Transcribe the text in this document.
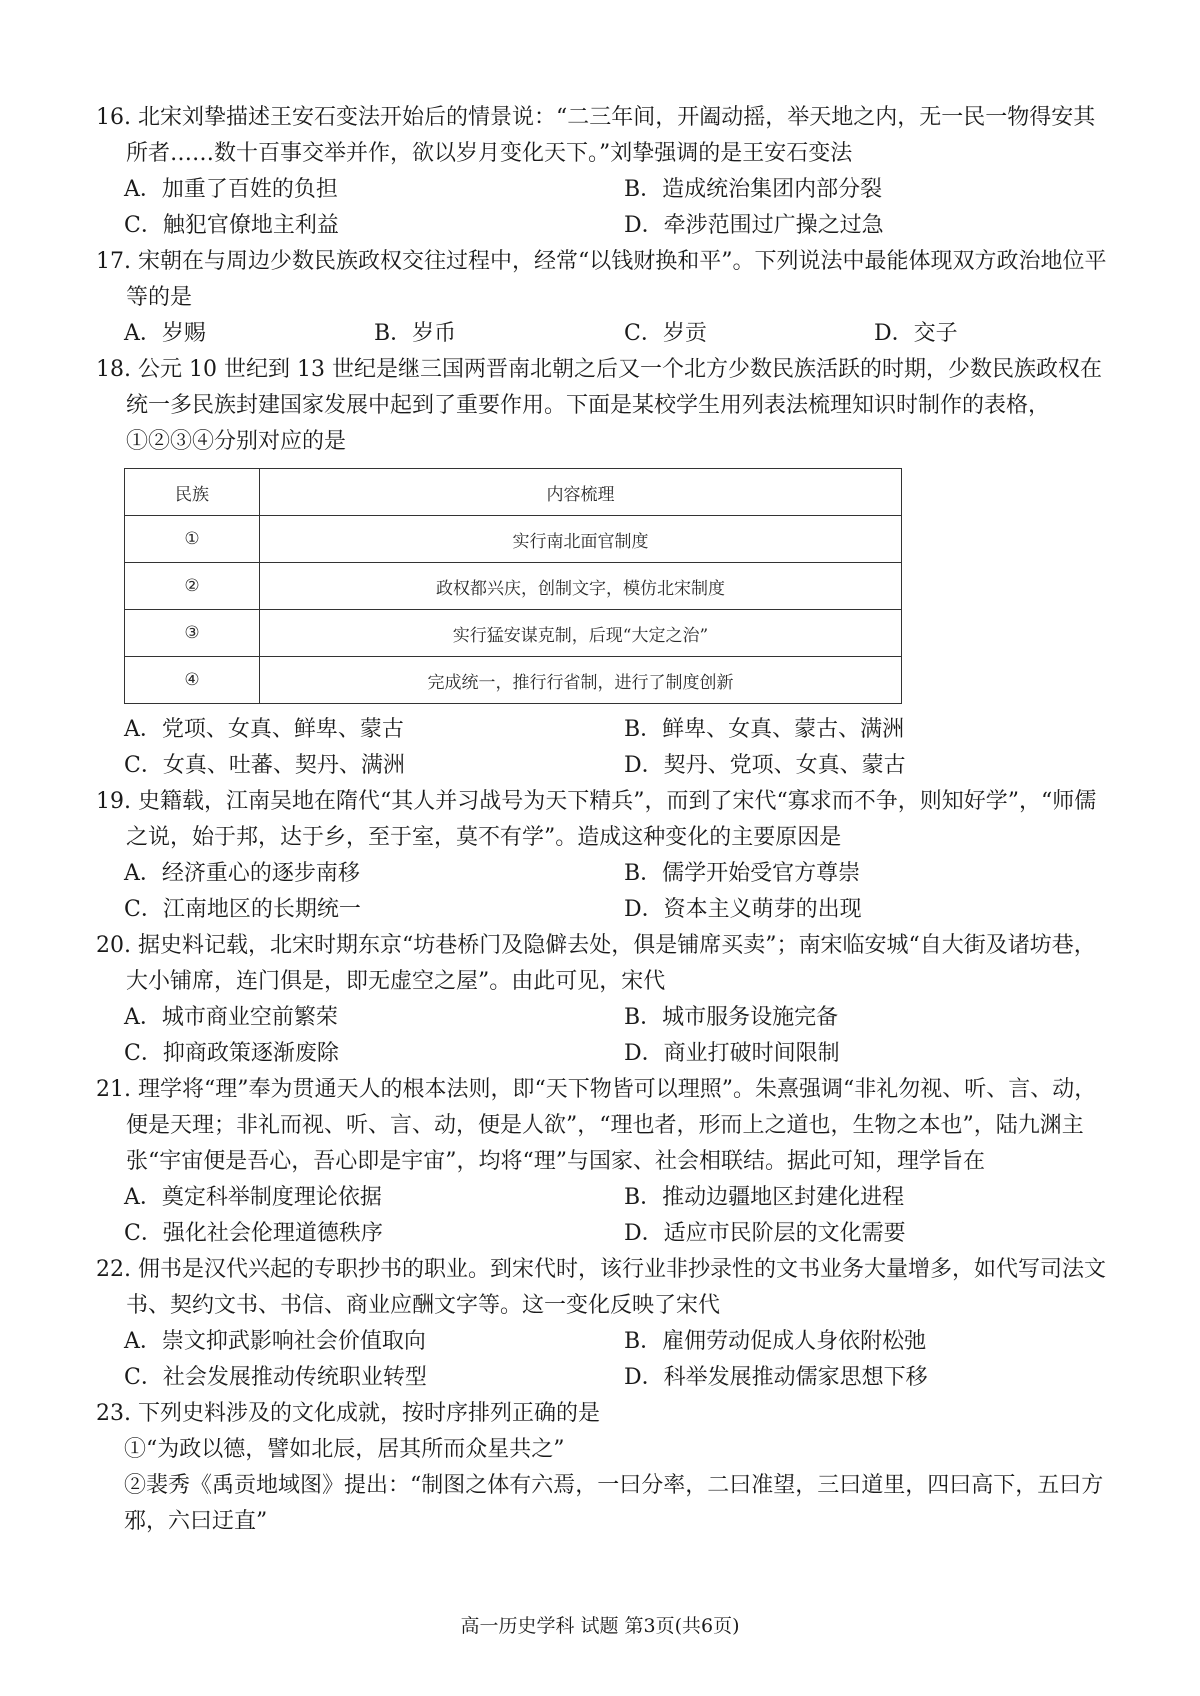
16. 北宋刘挚描述王安石变法开始后的情景说：“二三年间，开阖动摇，举天地之内，无一民一物得安其所者……数十百事交举并作，欲以岁月变化天下。”刘挚强调的是王安石变法

A．加重了百姓的负担	B．造成统治集团内部分裂
C．触犯官僚地主利益	D．牵涉范围过广操之过急

17. 宋朝在与周边少数民族政权交往过程中，经常“以钱财换和平”。下列说法中最能体现双方政治地位平等的是

A．岁赐	B．岁币	C．岁贡	D．交子

18. 公元 10 世纪到 13 世纪是继三国两晋南北朝之后又一个北方少数民族活跃的时期，少数民族政权在统一多民族封建国家发展中起到了重要作用。下面是某校学生用列表法梳理知识时制作的表格，①②③④分别对应的是

民族	内容梳理
①	实行南北面官制度
②	政权都兴庆，创制文字，模仿北宋制度
③	实行猛安谋克制，后现“大定之治”
④	完成统一，推行行省制，进行了制度创新
A．党项、女真、鲜卑、蒙古	B．鲜卑、女真、蒙古、满洲
C．女真、吐蕃、契丹、满洲	D．契丹、党项、女真、蒙古

19. 史籍载，江南吴地在隋代“其人并习战号为天下精兵”，而到了宋代“寡求而不争，则知好学”，“师儒之说，始于邦，达于乡，至于室，莫不有学”。造成这种变化的主要原因是

A．经济重心的逐步南移	B．儒学开始受官方尊崇
C．江南地区的长期统一	D．资本主义萌芽的出现

20. 据史料记载，北宋时期东京“坊巷桥门及隐僻去处，俱是铺席买卖”；南宋临安城“自大街及诸坊巷，大小铺席，连门俱是，即无虚空之屋”。由此可见，宋代

A．城市商业空前繁荣	B．城市服务设施完备
C．抑商政策逐渐废除	D．商业打破时间限制

21. 理学将“理”奉为贯通天人的根本法则，即“天下物皆可以理照”。朱熹强调“非礼勿视、听、言、动，便是天理；非礼而视、听、言、动，便是人欲”，“理也者，形而上之道也，生物之本也”，陆九渊主张“宇宙便是吾心，吾心即是宇宙”，均将“理”与国家、社会相联结。据此可知，理学旨在

A．奠定科举制度理论依据	B．推动边疆地区封建化进程
C．强化社会伦理道德秩序	D．适应市民阶层的文化需要

22. 佣书是汉代兴起的专职抄书的职业。到宋代时，该行业非抄录性的文书业务大量增多，如代写司法文书、契约文书、书信、商业应酬文字等。这一变化反映了宋代

A．崇文抑武影响社会价值取向	B．雇佣劳动促成人身依附松弛
C．社会发展推动传统职业转型	D．科举发展推动儒家思想下移

23. 下列史料涉及的文化成就，按时序排列正确的是

①“为政以德，譬如北辰，居其所而众星共之”

②裴秀《禹贡地域图》提出：“制图之体有六焉，一曰分率，二曰准望，三曰道里，四曰高下，五曰方邪，六曰迂直”

高一历史学科 试题 第3页(共6页)
